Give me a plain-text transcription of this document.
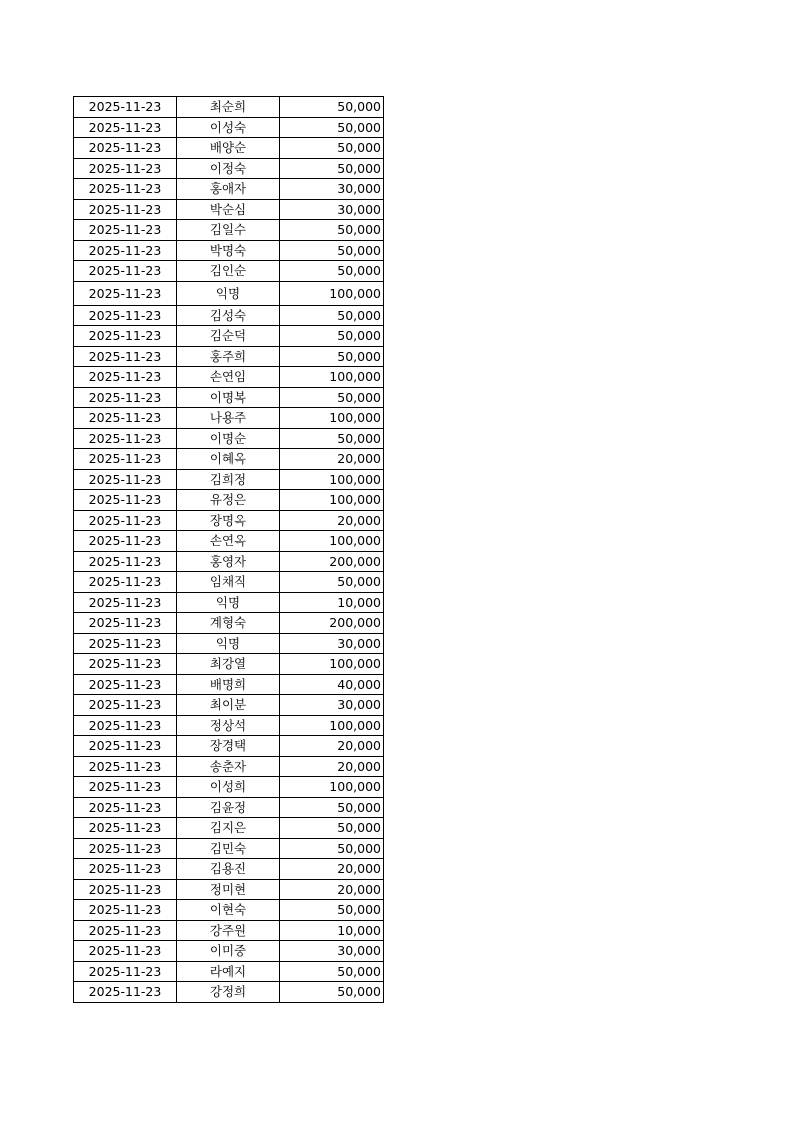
2025-11-23	최순희	50,000
2025-11-23	이성숙	50,000
2025-11-23	배양순	50,000
2025-11-23	이정숙	50,000
2025-11-23	홍애자	30,000
2025-11-23	박순심	30,000
2025-11-23	김일수	50,000
2025-11-23	박명숙	50,000
2025-11-23	김인순	50,000
2025-11-23	익명	100,000
2025-11-23	김성숙	50,000
2025-11-23	김순덕	50,000
2025-11-23	홍주희	50,000
2025-11-23	손연임	100,000
2025-11-23	이명복	50,000
2025-11-23	나용주	100,000
2025-11-23	이명순	50,000
2025-11-23	이혜옥	20,000
2025-11-23	김희정	100,000
2025-11-23	유정은	100,000
2025-11-23	장명옥	20,000
2025-11-23	손연옥	100,000
2025-11-23	홍영자	200,000
2025-11-23	임채직	50,000
2025-11-23	익명	10,000
2025-11-23	계형숙	200,000
2025-11-23	익명	30,000
2025-11-23	최강열	100,000
2025-11-23	배명희	40,000
2025-11-23	최이분	30,000
2025-11-23	정상석	100,000
2025-11-23	장경택	20,000
2025-11-23	송춘자	20,000
2025-11-23	이성희	100,000
2025-11-23	김윤정	50,000
2025-11-23	김지은	50,000
2025-11-23	김민숙	50,000
2025-11-23	김용진	20,000
2025-11-23	정미현	20,000
2025-11-23	이현숙	50,000
2025-11-23	강주원	10,000
2025-11-23	이미중	30,000
2025-11-23	라예지	50,000
2025-11-23	강정희	50,000
